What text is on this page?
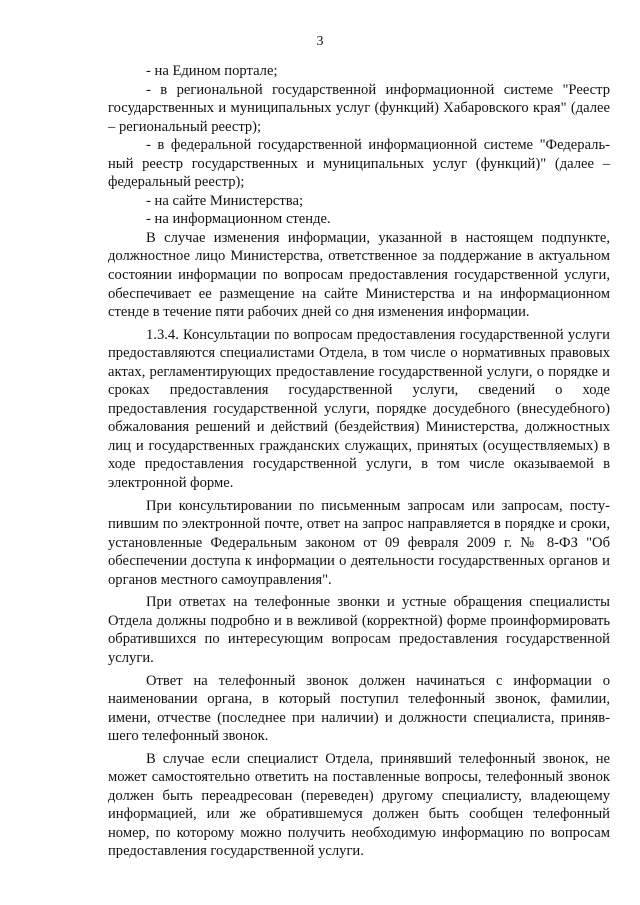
3

- на Едином портале;

- в региональной государственной информационной системе "Реестр государственных и муниципальных услуг (функций) Хабаровского края" (далее – региональный реестр);

- в федеральной государственной информационной системе "Федеральный реестр государственных и муниципальных услуг (функций)" (далее – федеральный реестр);

- на сайте Министерства;

- на информационном стенде.

В случае изменения информации, указанной в настоящем подпункте, должностное лицо Министерства, ответственное за поддержание в актуальном состоянии информации по вопросам предоставления государственной услуги, обеспечивает ее размещение на сайте Министерства и на информационном стенде в течение пяти рабочих дней со дня изменения информации.

1.3.4. Консультации по вопросам предоставления государственной услуги предоставляются специалистами Отдела, в том числе о нормативных правовых актах, регламентирующих предоставление государственной услуги, о порядке и сроках предоставления государственной услуги, сведений о ходе предоставления государственной услуги, порядке досудебного (внесудебного) обжалования решений и действий (бездействия) Министерства, должностных лиц и государственных гражданских служащих, принятых (осуществляемых) в ходе предоставления государственной услуги, в том числе оказываемой в электронной форме.

При консультировании по письменным запросам или запросам, поступившим по электронной почте, ответ на запрос направляется в порядке и сроки, установленные Федеральным законом от 09 февраля 2009 г. № 8-ФЗ "Об обеспечении доступа к информации о деятельности государственных органов и органов местного самоуправления".

При ответах на телефонные звонки и устные обращения специалисты Отдела должны подробно и в вежливой (корректной) форме проинформировать обратившихся по интересующим вопросам предоставления государственной услуги.

Ответ на телефонный звонок должен начинаться с информации о наименовании органа, в который поступил телефонный звонок, фамилии, имени, отчестве (последнее при наличии) и должности специалиста, принявшего телефонный звонок.

В случае если специалист Отдела, принявший телефонный звонок, не может самостоятельно ответить на поставленные вопросы, телефонный звонок должен быть переадресован (переведен) другому специалисту, владеющему информацией, или же обратившемуся должен быть сообщен телефонный номер, по которому можно получить необходимую информацию по вопросам предоставления государственной услуги.
